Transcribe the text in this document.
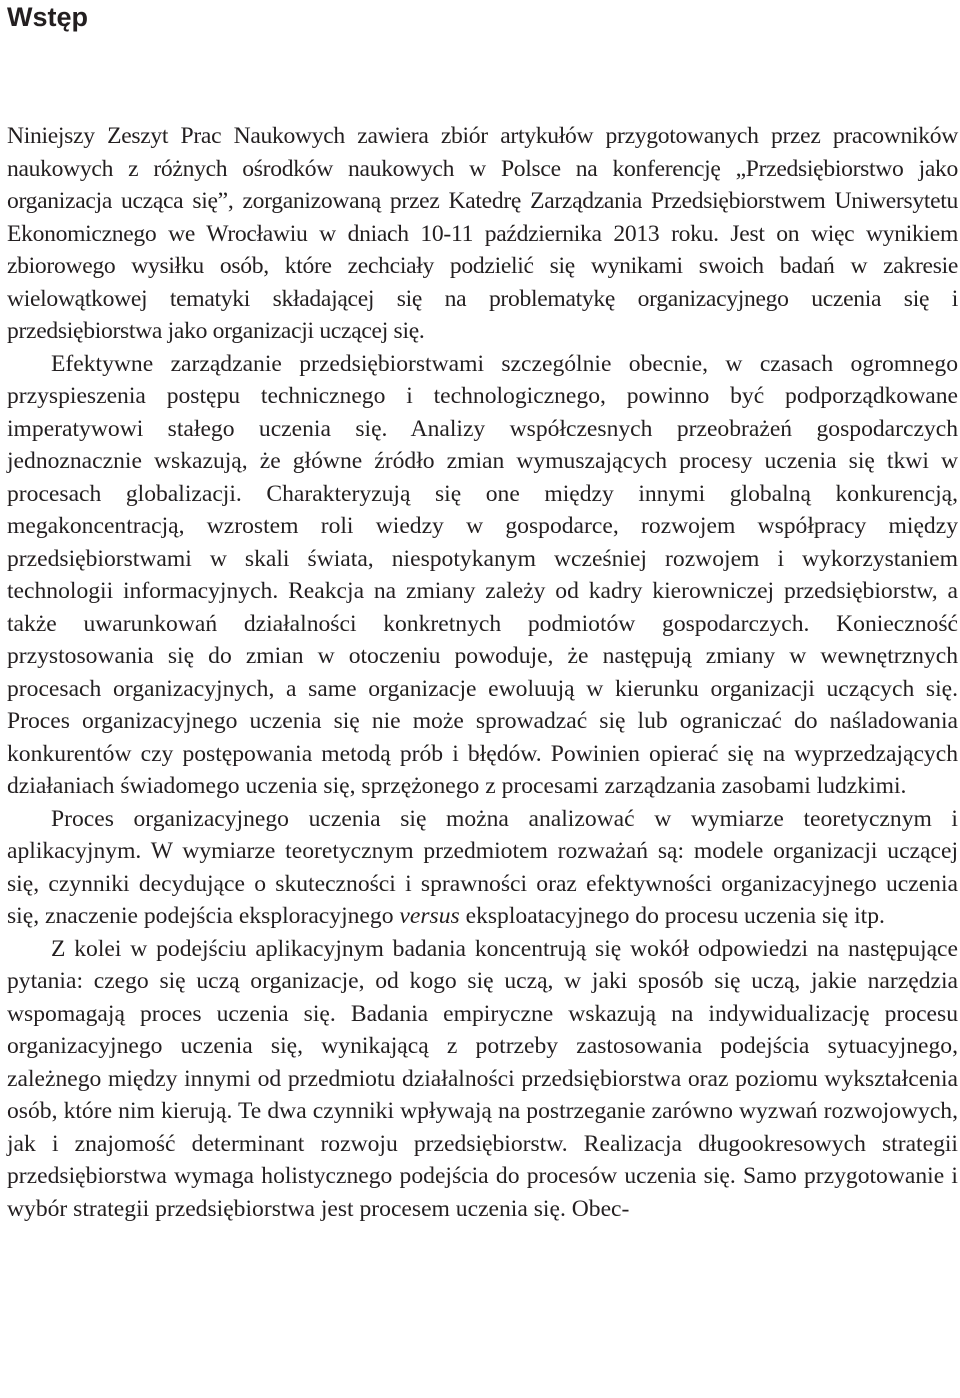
Wstęp

Niniejszy Zeszyt Prac Naukowych zawiera zbiór artykułów przygotowanych przez pracowników naukowych z różnych ośrodków naukowych w Polsce na konferencję „Przedsiębiorstwo jako organizacja ucząca się”, zorganizowaną przez Katedrę Zarządzania Przedsiębiorstwem Uniwersytetu Ekonomicznego we Wrocławiu w dniach 10-11 października 2013 roku. Jest on więc wynikiem zbiorowego wysiłku osób, które zechciały podzielić się wynikami swoich badań w zakresie wielowątkowej tematyki składającej się na problematykę organizacyjnego uczenia się i przedsiębiorstwa jako organizacji uczącej się.

Efektywne zarządzanie przedsiębiorstwami szczególnie obecnie, w czasach ogromnego przyspieszenia postępu technicznego i technologicznego, powinno być podporządkowane imperatywowi stałego uczenia się. Analizy współczesnych przeobrażeń gospodarczych jednoznacznie wskazują, że główne źródło zmian wymuszających procesy uczenia się tkwi w procesach globalizacji. Charakteryzują się one między innymi globalną konkurencją, megakoncentracją, wzrostem roli wiedzy w gospodarce, rozwojem współpracy między przedsiębiorstwami w skali świata, niespotykanym wcześniej rozwojem i wykorzystaniem technologii informacyjnych. Reakcja na zmiany zależy od kadry kierowniczej przedsiębiorstw, a także uwarunkowań działalności konkretnych podmiotów gospodarczych. Konieczność przystosowania się do zmian w otoczeniu powoduje, że następują zmiany w wewnętrznych procesach organizacyjnych, a same organizacje ewoluują w kierunku organizacji uczących się. Proces organizacyjnego uczenia się nie może sprowadzać się lub ograniczać do naśladowania konkurentów czy postępowania metodą prób i błędów. Powinien opierać się na wyprzedzających działaniach świadomego uczenia się, sprzężonego z procesami zarządzania zasobami ludzkimi.

Proces organizacyjnego uczenia się można analizować w wymiarze teoretycznym i aplikacyjnym. W wymiarze teoretycznym przedmiotem rozważań są: modele organizacji uczącej się, czynniki decydujące o skuteczności i sprawności oraz efektywności organizacyjnego uczenia się, znaczenie podejścia eksploracyjnego versus eksploatacyjnego do procesu uczenia się itp.

Z kolei w podejściu aplikacyjnym badania koncentrują się wokół odpowiedzi na następujące pytania: czego się uczą organizacje, od kogo się uczą, w jaki sposób się uczą, jakie narzędzia wspomagają proces uczenia się. Badania empiryczne wskazują na indywidualizację procesu organizacyjnego uczenia się, wynikającą z potrzeby zastosowania podejścia sytuacyjnego, zależnego między innymi od przedmiotu działalności przedsiębiorstwa oraz poziomu wykształcenia osób, które nim kierują. Te dwa czynniki wpływają na postrzeganie zarówno wyzwań rozwojowych, jak i znajomość determinant rozwoju przedsiębiorstw. Realizacja długookresowych strategii przedsiębiorstwa wymaga holistycznego podejścia do procesów uczenia się. Samo przygotowanie i wybór strategii przedsiębiorstwa jest procesem uczenia się. Obec-
